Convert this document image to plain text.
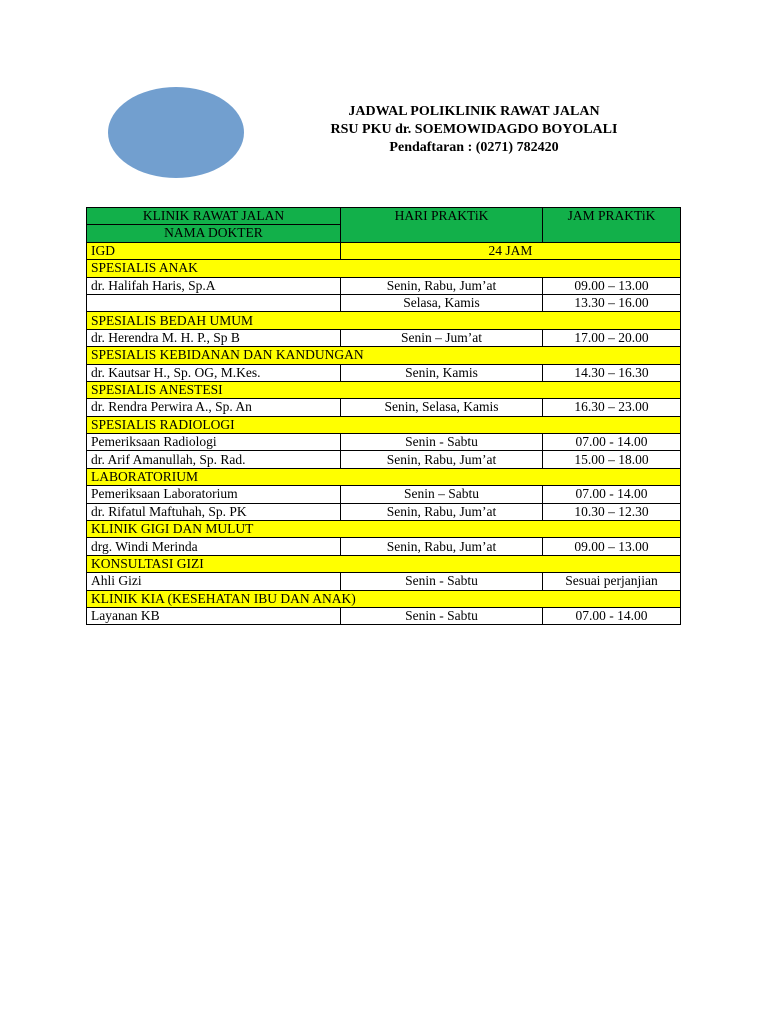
JADWAL POLIKLINIK RAWAT JALAN
RSU PKU dr. SOEMOWIDAGDO BOYOLALI
Pendaftaran : (0271) 782420
KLINIK RAWAT JALAN	HARI PRAKTiK	JAM PRAKTiK
NAMA DOKTER		
IGD	24 JAM	
SPESIALIS ANAK		
dr. Halifah Haris, Sp.A	Senin, Rabu, Jum’at	09.00 – 13.00
	Selasa, Kamis	13.30 – 16.00
SPESIALIS BEDAH UMUM		
dr. Herendra M. H. P., Sp B	Senin – Jum’at	17.00 – 20.00
SPESIALIS KEBIDANAN DAN KANDUNGAN		
dr. Kautsar H., Sp. OG, M.Kes.	Senin, Kamis	14.30 – 16.30
SPESIALIS ANESTESI		
dr. Rendra Perwira A., Sp. An	Senin, Selasa, Kamis	16.30 – 23.00
SPESIALIS RADIOLOGI		
Pemeriksaan Radiologi	Senin - Sabtu	07.00 - 14.00
dr. Arif Amanullah, Sp. Rad.	Senin, Rabu, Jum’at	15.00 – 18.00
LABORATORIUM		
Pemeriksaan Laboratorium	Senin – Sabtu	07.00 - 14.00
dr. Rifatul Maftuhah, Sp. PK	Senin, Rabu, Jum’at	10.30 – 12.30
KLINIK GIGI DAN MULUT		
drg. Windi Merinda	Senin, Rabu, Jum’at	09.00 – 13.00
KONSULTASI GIZI		
Ahli Gizi	Senin - Sabtu	Sesuai perjanjian
KLINIK KIA (KESEHATAN IBU DAN ANAK)		
Layanan KB	Senin - Sabtu	07.00 - 14.00
